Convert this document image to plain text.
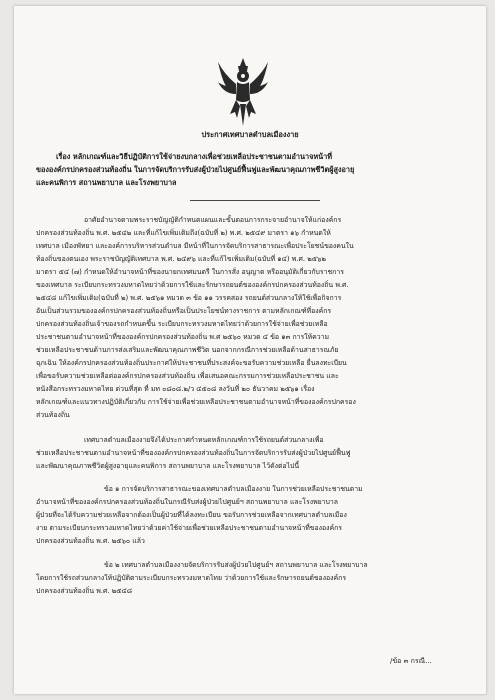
ประกาศเทศบาลตำบลเมืองงาย
เรื่อง หลักเกณฑ์และวิธีปฏิบัติการใช้จ่ายงบกลางเพื่อช่วยเหลือประชาชนตามอำนาจหน้าที่
ขององค์กรปกครองส่วนท้องถิ่น ในการจัดบริการรับส่งผู้ป่วยไปศูนย์ฟื้นฟูและพัฒนาคุณภาพชีวิตผู้สูงอายุ
และคนพิการ สถานพยาบาล และโรงพยาบาล
อาศัยอำนาจตามพระราชบัญญัติกำหนดแผนและขั้นตอนการกระจายอำนาจให้แก่องค์กร
ปกครองส่วนท้องถิ่น พ.ศ. ๒๕๔๒ และที่แก้ไขเพิ่มเติมถึง(ฉบับที่ ๒) พ.ศ. ๒๕๔๙ มาตรา ๑๖ กำหนดให้
เทศบาล เมืองพัทยา และองค์การบริหารส่วนตำบล มีหน้าที่ในการจัดบริการสาธารณะเพื่อประโยชน์ของคนใน
ท้องถิ่นของตนเอง พระราชบัญญัติเทศบาล พ.ศ. ๒๔๙๖ และที่แก้ไขเพิ่มเติม(ฉบับที่ ๑๔) พ.ศ. ๒๕๖๒
มาตรา ๕๔ (๗) กำหนดให้อำนาจหน้าที่ของนายกเทศมนตรี ในการสั่ง อนุญาต หรืออนุมัติเกี่ยวกับราชการ
ของเทศบาล ระเบียบกระทรวงมหาดไทยว่าด้วยการใช้และรักษารถยนต์ขององค์กรปกครองส่วนท้องถิ่น พ.ศ.
๒๕๔๘ แก้ไขเพิ่มเติม(ฉบับที่ ๒) พ.ศ. ๒๕๖๑ หมวด ๓ ข้อ ๑๑ วรรคสอง รถยนต์ส่วนกลางให้ใช้เพื่อกิจการ
อันเป็นส่วนรวมขององค์กรปกครองส่วนท้องถิ่นหรือเป็นประโยชน์ทางราชการ ตามหลักเกณฑ์ที่องค์กร
ปกครองส่วนท้องถิ่นเจ้าของรถกำหนดขึ้น ระเบียบกระทรวงมหาดไทยว่าด้วยการใช้จ่ายเพื่อช่วยเหลือ
ประชาชนตามอำนาจหน้าที่ขององค์กรปกครองส่วนท้องถิ่น พ.ศ ๒๕๖๐ หมวด ๔ ข้อ ๑๓ การให้ความ
ช่วยเหลือประชาชนด้านการส่งเสริมและพัฒนาคุณภาพชีวิต นอกจากกรณีการช่วยเหลือด้านสาธารณภัย
ฉุกเฉิน ให้องค์กรปกครองส่วนท้องถิ่นประกาศให้ประชาชนที่ประสงค์จะขอรับความช่วยเหลือ ยื่นลงทะเบียน
เพื่อขอรับความช่วยเหลือต่อองค์กรปกครองส่วนท้องถิ่น เพื่อเสนอคณะกรรมการช่วยเหลือประชาชน และ
หนังสือกระทรวงมหาดไทย ด่วนที่สุด ที่ มท ๐๘๐๘.๒/ว ๔๕๐๘ ลงวันที่ ๒๐ ธันวาคม ๒๕๖๑ เรื่อง
หลักเกณฑ์และแนวทางปฏิบัติเกี่ยวกับ การใช้จ่ายเพื่อช่วยเหลือประชาชนตามอำนาจหน้าที่ขององค์กรปกครอง
ส่วนท้องถิ่น
เทศบาลตำบลเมืองงายจึงได้ประกาศกำหนดหลักเกณฑ์การใช้รถยนต์ส่วนกลางเพื่อ
ช่วยเหลือประชาชนตามอำนาจหน้าที่ขององค์กรปกครองส่วนท้องถิ่นในการจัดบริการรับส่งผู้ป่วยไปศูนย์ฟื้นฟู
และพัฒนาคุณภาพชีวิตผู้สูงอายุและคนพิการ สถานพยาบาล และโรงพยาบาล ไว้ดังต่อไปนี้
ข้อ ๑ การจัดบริการสาธารณะของเทศบาลตำบลเมืองงาย ในการช่วยเหลือประชาชนตาม
อำนาจหน้าที่ขององค์กรปกครองส่วนท้องถิ่นในกรณีรับส่งผู้ป่วยไปศูนย์ฯ สถานพยาบาล และโรงพยาบาล
ผู้ป่วยที่จะได้รับความช่วยเหลือจากต้องเป็นผู้ป่วยที่ได้ลงทะเบียน ขอรับการช่วยเหลือจากเทศบาลตำบลเมือง
งาย ตามระเบียบกระทรวงมหาดไทยว่าด้วยค่าใช้จ่ายเพื่อช่วยเหลือประชาชนตามอำนาจหน้าที่ขององค์กร
ปกครองส่วนท้องถิ่น พ.ศ. ๒๕๖๐ แล้ว
ข้อ ๒ เทศบาลตำบลเมืองงายจัดบริการรับส่งผู้ป่วยไปศูนย์ฯ สถานพยาบาล และโรงพยาบาล
โดยการใช้รถส่วนกลางให้ปฏิบัติตามระเบียบกระทรวงมหาดไทย ว่าด้วยการใช้และรักษารถยนต์ขององค์กร
ปกครองส่วนท้องถิ่น พ.ศ. ๒๕๔๘
/ข้อ ๓ กรณี...
